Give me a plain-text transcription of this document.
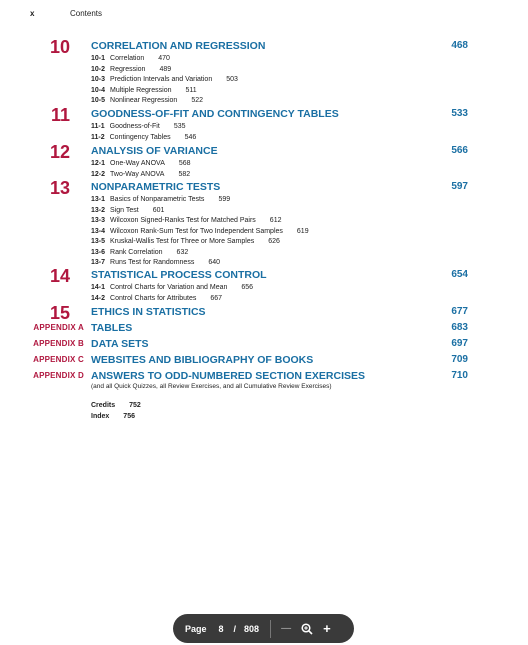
x	Contents
10 CORRELATION AND REGRESSION	468
10-1 Correlation 470
10-2 Regression 489
10-3 Prediction Intervals and Variation 503
10-4 Multiple Regression 511
10-5 Nonlinear Regression 522
11 GOODNESS-OF-FIT AND CONTINGENCY TABLES	533
11-1 Goodness-of-Fit 535
11-2 Contingency Tables 546
12 ANALYSIS OF VARIANCE	566
12-1 One-Way ANOVA 568
12-2 Two-Way ANOVA 582
13 NONPARAMETRIC TESTS	597
13-1 Basics of Nonparametric Tests 599
13-2 Sign Test 601
13-3 Wilcoxon Signed-Ranks Test for Matched Pairs 612
13-4 Wilcoxon Rank-Sum Test for Two Independent Samples 619
13-5 Kruskal-Wallis Test for Three or More Samples 626
13-6 Rank Correlation 632
13-7 Runs Test for Randomness 640
14 STATISTICAL PROCESS CONTROL	654
14-1 Control Charts for Variation and Mean 656
14-2 Control Charts for Attributes 667
15 ETHICS IN STATISTICS	677
APPENDIX A TABLES	683
APPENDIX B DATA SETS	697
APPENDIX C WEBSITES AND BIBLIOGRAPHY OF BOOKS	709
APPENDIX D ANSWERS TO ODD-NUMBERED SECTION EXERCISES	710
(and all Quick Quizzes, all Review Exercises, and all Cumulative Review Exercises)
Credits 752
Index 756
Page 8 / 808 — +
